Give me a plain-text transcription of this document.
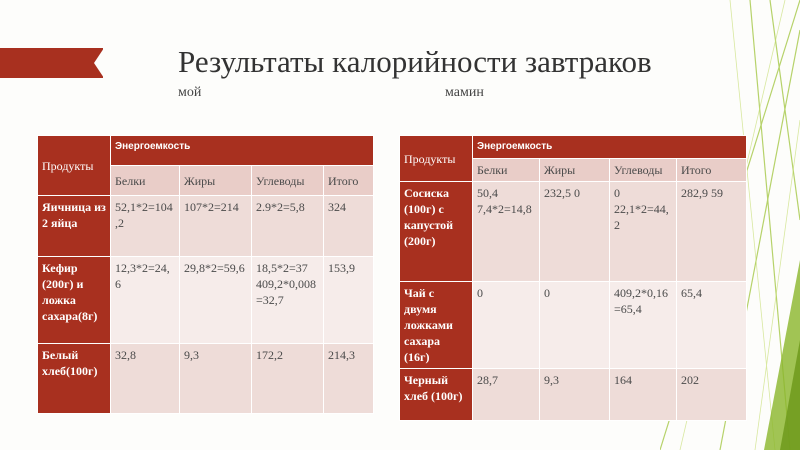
Результаты калорийности завтраков
мой	мамин
Продукты	Энергоемкость			
	Белки	Жиры	Углеводы	Итого
Яичница из 2 яйца	52,1*2=104,2	107*2=214	2.9*2=5,8	324
Кефир (200г) и ложка сахара(8г)	12,3*2=24,6	29,8*2=59,6	18,5*2=37 409,2*0,008=32,7	153,9
Белый хлеб(100г)	32,8	9,3	172,2	214,3
Продукты	Энергоемкость			
	Белки	Жиры	Углеводы	Итого
Сосиска (100г) с капустой (200г)	50,4 7,4*2=14,8	232,5 0	0 22,1*2=44,2	282,9 59
Чай с двумя ложками сахара (16г)	0	0	409,2*0,16=65,4	65,4
Черный хлеб (100г)	28,7	9,3	164	202
